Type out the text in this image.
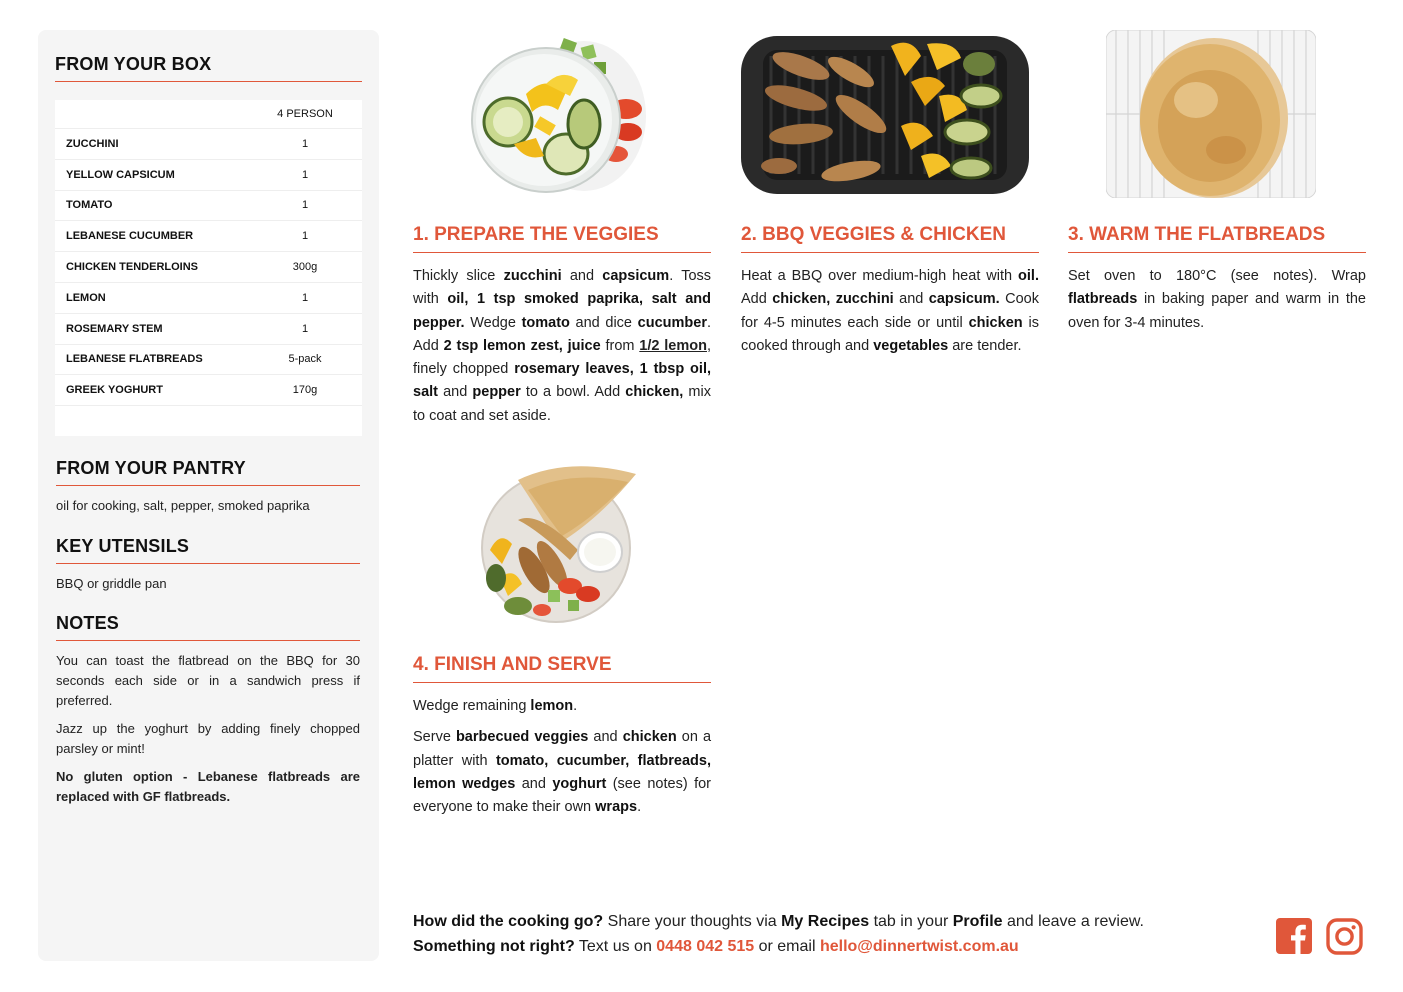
FROM YOUR BOX
4 PERSON
ZUCCHINI	1
YELLOW CAPSICUM	1
TOMATO	1
LEBANESE CUCUMBER	1
CHICKEN TENDERLOINS	300g
LEMON	1
ROSEMARY STEM	1
LEBANESE FLATBREADS	5-pack
GREEK YOGHURT	170g
FROM YOUR PANTRY
oil for cooking, salt, pepper, smoked paprika
KEY UTENSILS
BBQ or griddle pan
NOTES
You can toast the flatbread on the BBQ for 30 seconds each side or in a sandwich press if preferred.
Jazz up the yoghurt by adding finely chopped parsley or mint!
No gluten option - Lebanese flatbreads are replaced with GF flatbreads.
1. PREPARE THE VEGGIES
Thickly slice zucchini and capsicum. Toss with oil, 1 tsp smoked paprika, salt and pepper. Wedge tomato and dice cucumber. Add 2 tsp lemon zest, juice from 1/2 lemon, finely chopped rosemary leaves, 1 tbsp oil, salt and pepper to a bowl. Add chicken, mix to coat and set aside.
2. BBQ VEGGIES & CHICKEN
Heat a BBQ over medium-high heat with oil. Add chicken, zucchini and capsicum. Cook for 4-5 minutes each side or until chicken is cooked through and vegetables are tender.
3. WARM THE FLATBREADS
Set oven to 180°C (see notes). Wrap flatbreads in baking paper and warm in the oven for 3-4 minutes.
4. FINISH AND SERVE

Wedge remaining lemon.

Serve barbecued veggies and chicken on a platter with tomato, cucumber, flatbreads, lemon wedges and yoghurt (see notes) for everyone to make their own wraps.

How did the cooking go? Share your thoughts via My Recipes tab in your Profile and leave a review.
Something not right? Text us on 0448 042 515 or email hello@dinnertwist.com.au
